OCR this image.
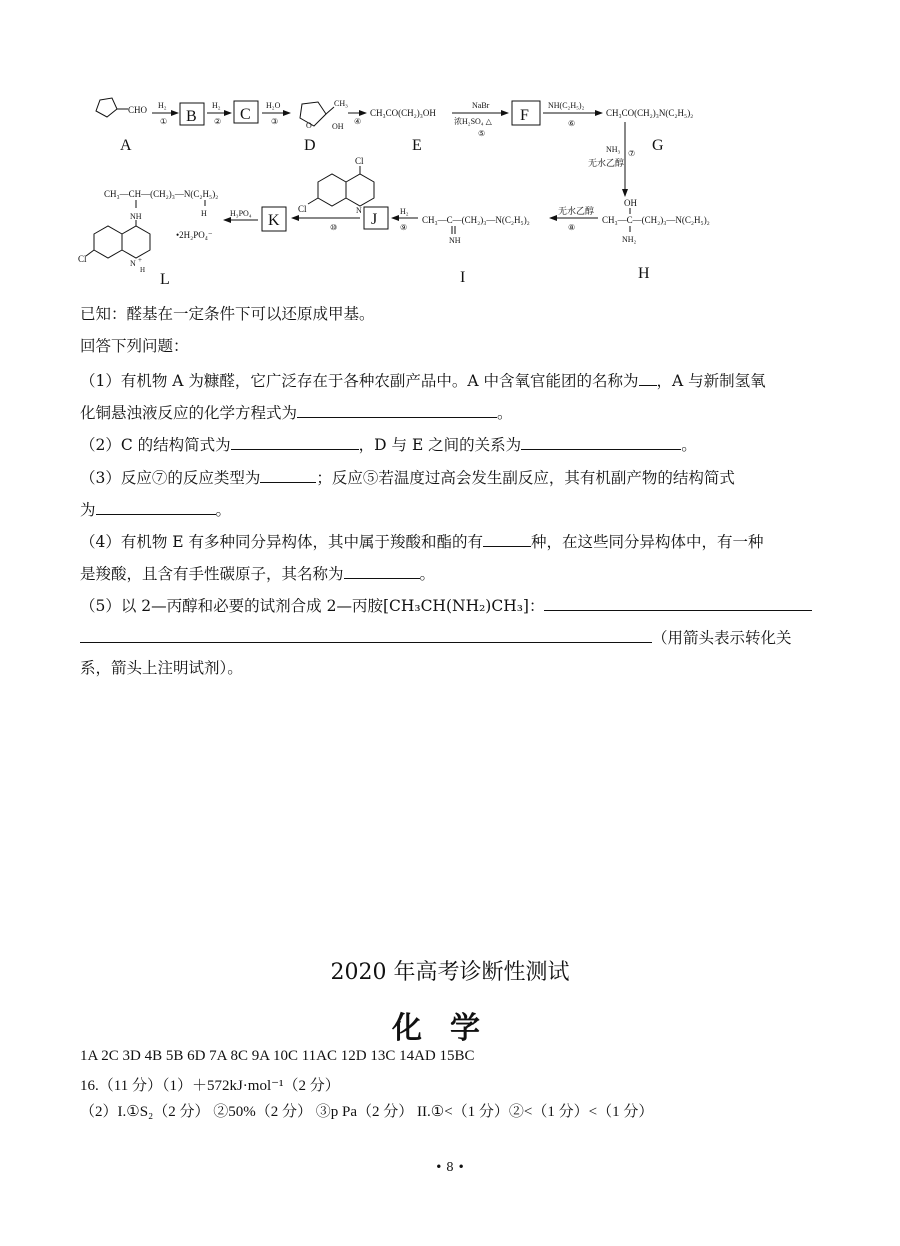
A
B	C
D	E
F
G
H
I
J
K
L
CHO
CH₃
OH
O
CH₃CO(CH₂)₃OH	CH₃CO(CH₂)₃N(C₂H₅)₂
OH
CH₃—C—(CH₂)₃—N(C₂H₅)₂
NH₂
CH₃—C—(CH₂)₃—N(C₂H₅)₂
NH
CH₃—CH—(CH₂)₃—N(C₂H₅)₂
NH	H
•2H₂PO₄⁻
Cl	N +
H
Cl
Cl	N
H₂
①
H₂
②
H₂O
③	④
NaBr
浓H₂SO₄ △
⑤
NH(C₂H₅)₂
⑥
NH₃ ⑦
无水乙醇
无水乙醇
⑧
H₂
⑨
⑩
H₃PO₄
已知：醛基在一定条件下可以还原成甲基。
回答下列问题：
（1）有机物 A 为糠醛，它广泛存在于各种农副产品中。A 中含氧官能团的名称为 ，A 与新制氢氧
化铜悬浊液反应的化学方程式为	。
（2）C 的结构简式为	，D 与 E 之间的关系为	。
（3）反应⑦的反应类型为	；反应⑤若温度过高会发生副反应，其有机副产物的结构简式
为	。
（4）有机物 E 有多种同分异构体，其中属于羧酸和酯的有	种，在这些同分异构体中，有一种
是羧酸，且含有手性碳原子，其名称为	。
（5）以 2—丙醇和必要的试剂合成 2—丙胺[CH₃CH(NH₂)CH₃]：
（用箭头表示转化关
系，箭头上注明试剂）。
2020 年高考诊断性测试
化学
1A 2C 3D 4B 5B 6D 7A 8C 9A 10C 11AC 12D 13C 14AD 15BC
16.（11 分）（1）＋572kJ·mol⁻¹（2 分）
（2）I.①S₂（2 分） ②50%（2 分） ③p Pa（2 分） II.①<（1 分）②<（1 分）<（1 分）
• 8 •
